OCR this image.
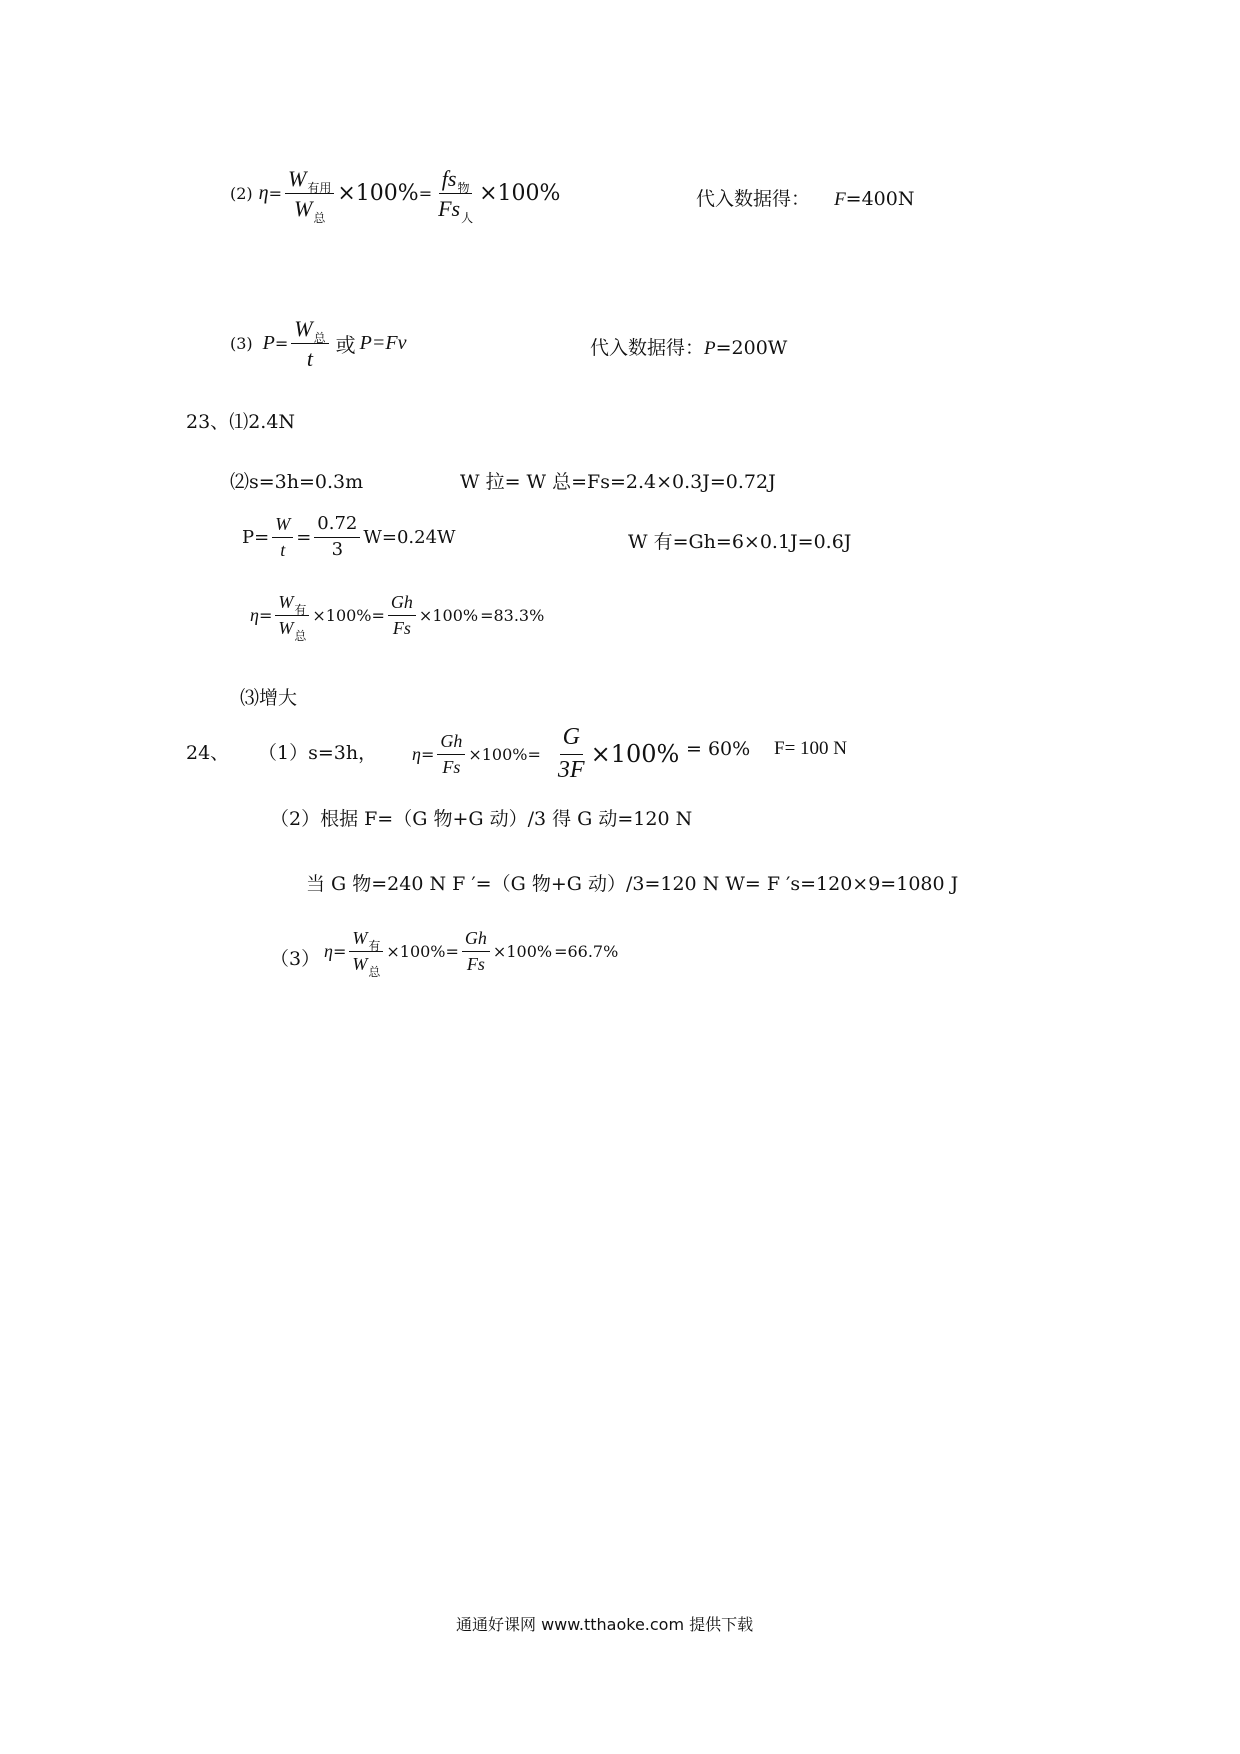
(2) $\eta = \frac{W_{有用}}{W_总} \times 100\% = \frac{fs_物}{Fs_人} \times 100\%$	代入数据得： F=400N
(3) $P = \frac{W_总}{t}$ 或 P=Fv	代入数据得：P=200W
23、⑴2.4N
⑵s=3h=0.3m	W 拉= W 总=Fs=2.4×0.3J=0.72J
$P= \frac{W}{t} = \frac{0.72}{3} W=0.24W$	W 有=Gh=6×0.1J=0.6J
$\eta = \frac{W_有}{W_总} \times 100\% = \frac{Gh}{Fs} \times 100\% =83.3\%$
⑶增大
24、 （1）s=3h， $\eta = \frac{Gh}{Fs} \times 100\% = \frac{G}{3F} \times 100\% = 60\%$ F= 100 N
（2）根据 F=（G 物+G 动）/3 得 G 动=120 N
当 G 物=240 N F ′=（G 物+G 动）/3=120 N W= F ′s=120×9=1080 J
（3） $\eta = \frac{W_有}{W_总} \times 100\% = \frac{Gh}{Fs} \times 100\% =66.7\%$
通通好课网 www.tthaoke.com 提供下载
